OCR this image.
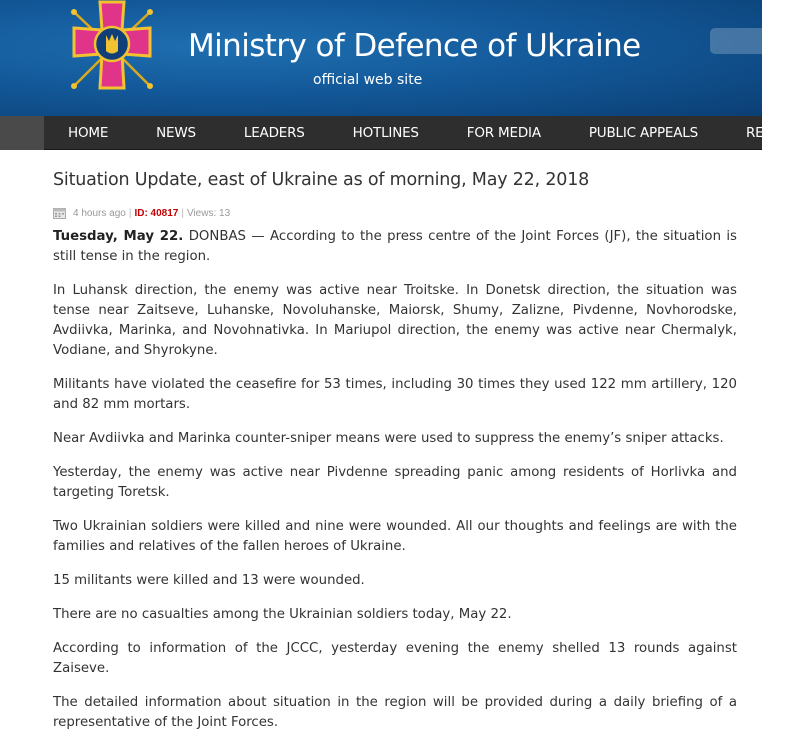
Ministry of Defence of Ukraine
official web site
HOME	NEWS	LEADERS	HOTLINES	FOR MEDIA	PUBLIC APPEALS	REF
Situation Update, east of Ukraine as of morning, May 22, 2018
4 hours ago | ID: 40817 | Views: 13

Tuesday, May 22. DONBAS — According to the press centre of the Joint Forces (JF), the situation is still tense in the region.

In Luhansk direction, the enemy was active near Troitske. In Donetsk direction, the situation was tense near Zaitseve, Luhanske, Novoluhanske, Maiorsk, Shumy, Zalizne, Pivdenne, Novhorodske, Avdiivka, Marinka, and Novohnativka. In Mariupol direction, the enemy was active near Chermalyk, Vodiane, and Shyrokyne.

Militants have violated the ceasefire for 53 times, including 30 times they used 122 mm artillery, 120 and 82 mm mortars.

Near Avdiivka and Marinka counter-sniper means were used to suppress the enemy’s sniper attacks.

Yesterday, the enemy was active near Pivdenne spreading panic among residents of Horlivka and targeting Toretsk.

Two Ukrainian soldiers were killed and nine were wounded. All our thoughts and feelings are with the families and relatives of the fallen heroes of Ukraine.

15 militants were killed and 13 were wounded.

There are no casualties among the Ukrainian soldiers today, May 22.

According to information of the JCCC, yesterday evening the enemy shelled 13 rounds against Zaiseve.

The detailed information about situation in the region will be provided during a daily briefing of a representative of the Joint Forces.
